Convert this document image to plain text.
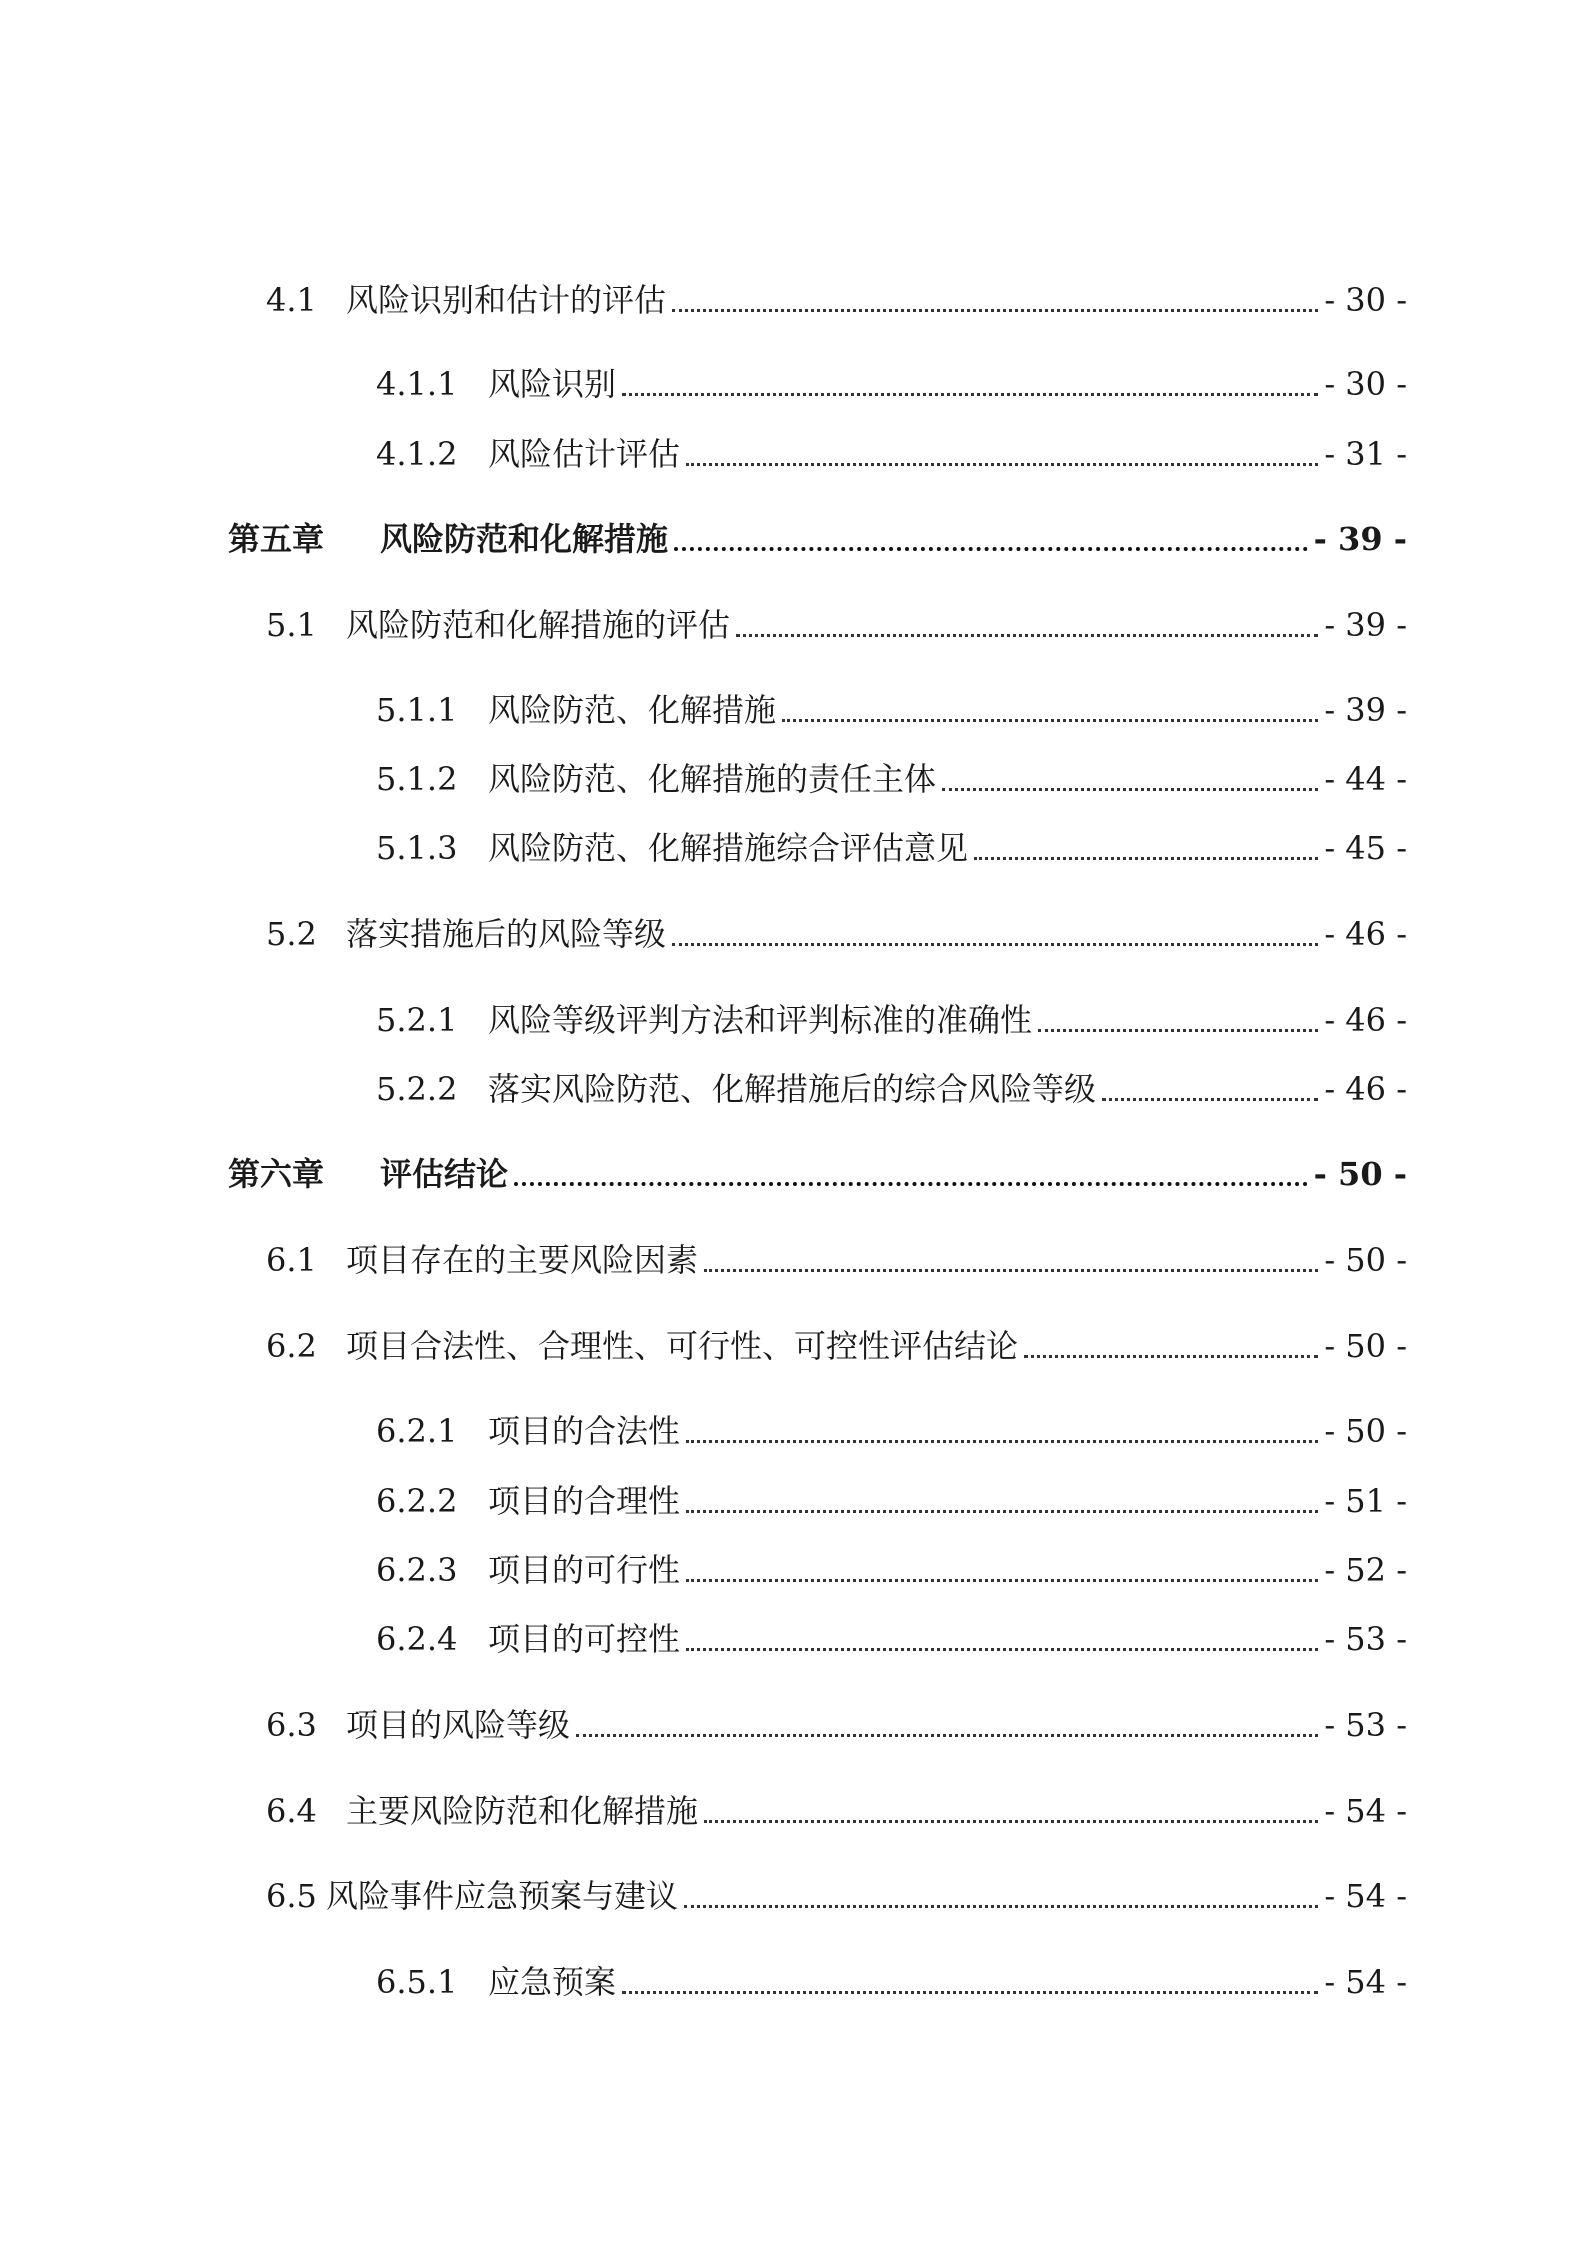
4.1 风险识别和估计的评估	- 30 -
4.1.1 风险识别	- 30 -
4.1.2 风险估计评估	- 31 -
第五章	风险防范和化解措施	- 39 -
5.1 风险防范和化解措施的评估	- 39 -
5.1.1 风险防范、化解措施	- 39 -
5.1.2 风险防范、化解措施的责任主体	- 44 -
5.1.3 风险防范、化解措施综合评估意见	- 45 -
5.2 落实措施后的风险等级	- 46 -
5.2.1 风险等级评判方法和评判标准的准确性	- 46 -
5.2.2 落实风险防范、化解措施后的综合风险等级	- 46 -
第六章	评估结论	- 50 -
6.1 项目存在的主要风险因素	- 50 -
6.2 项目合法性、合理性、可行性、可控性评估结论	- 50 -
6.2.1 项目的合法性	- 50 -
6.2.2 项目的合理性	- 51 -
6.2.3 项目的可行性	- 52 -
6.2.4 项目的可控性	- 53 -
6.3 项目的风险等级	- 53 -
6.4 主要风险防范和化解措施	- 54 -
6.5 风险事件应急预案与建议	- 54 -
6.5.1 应急预案	- 54 -
